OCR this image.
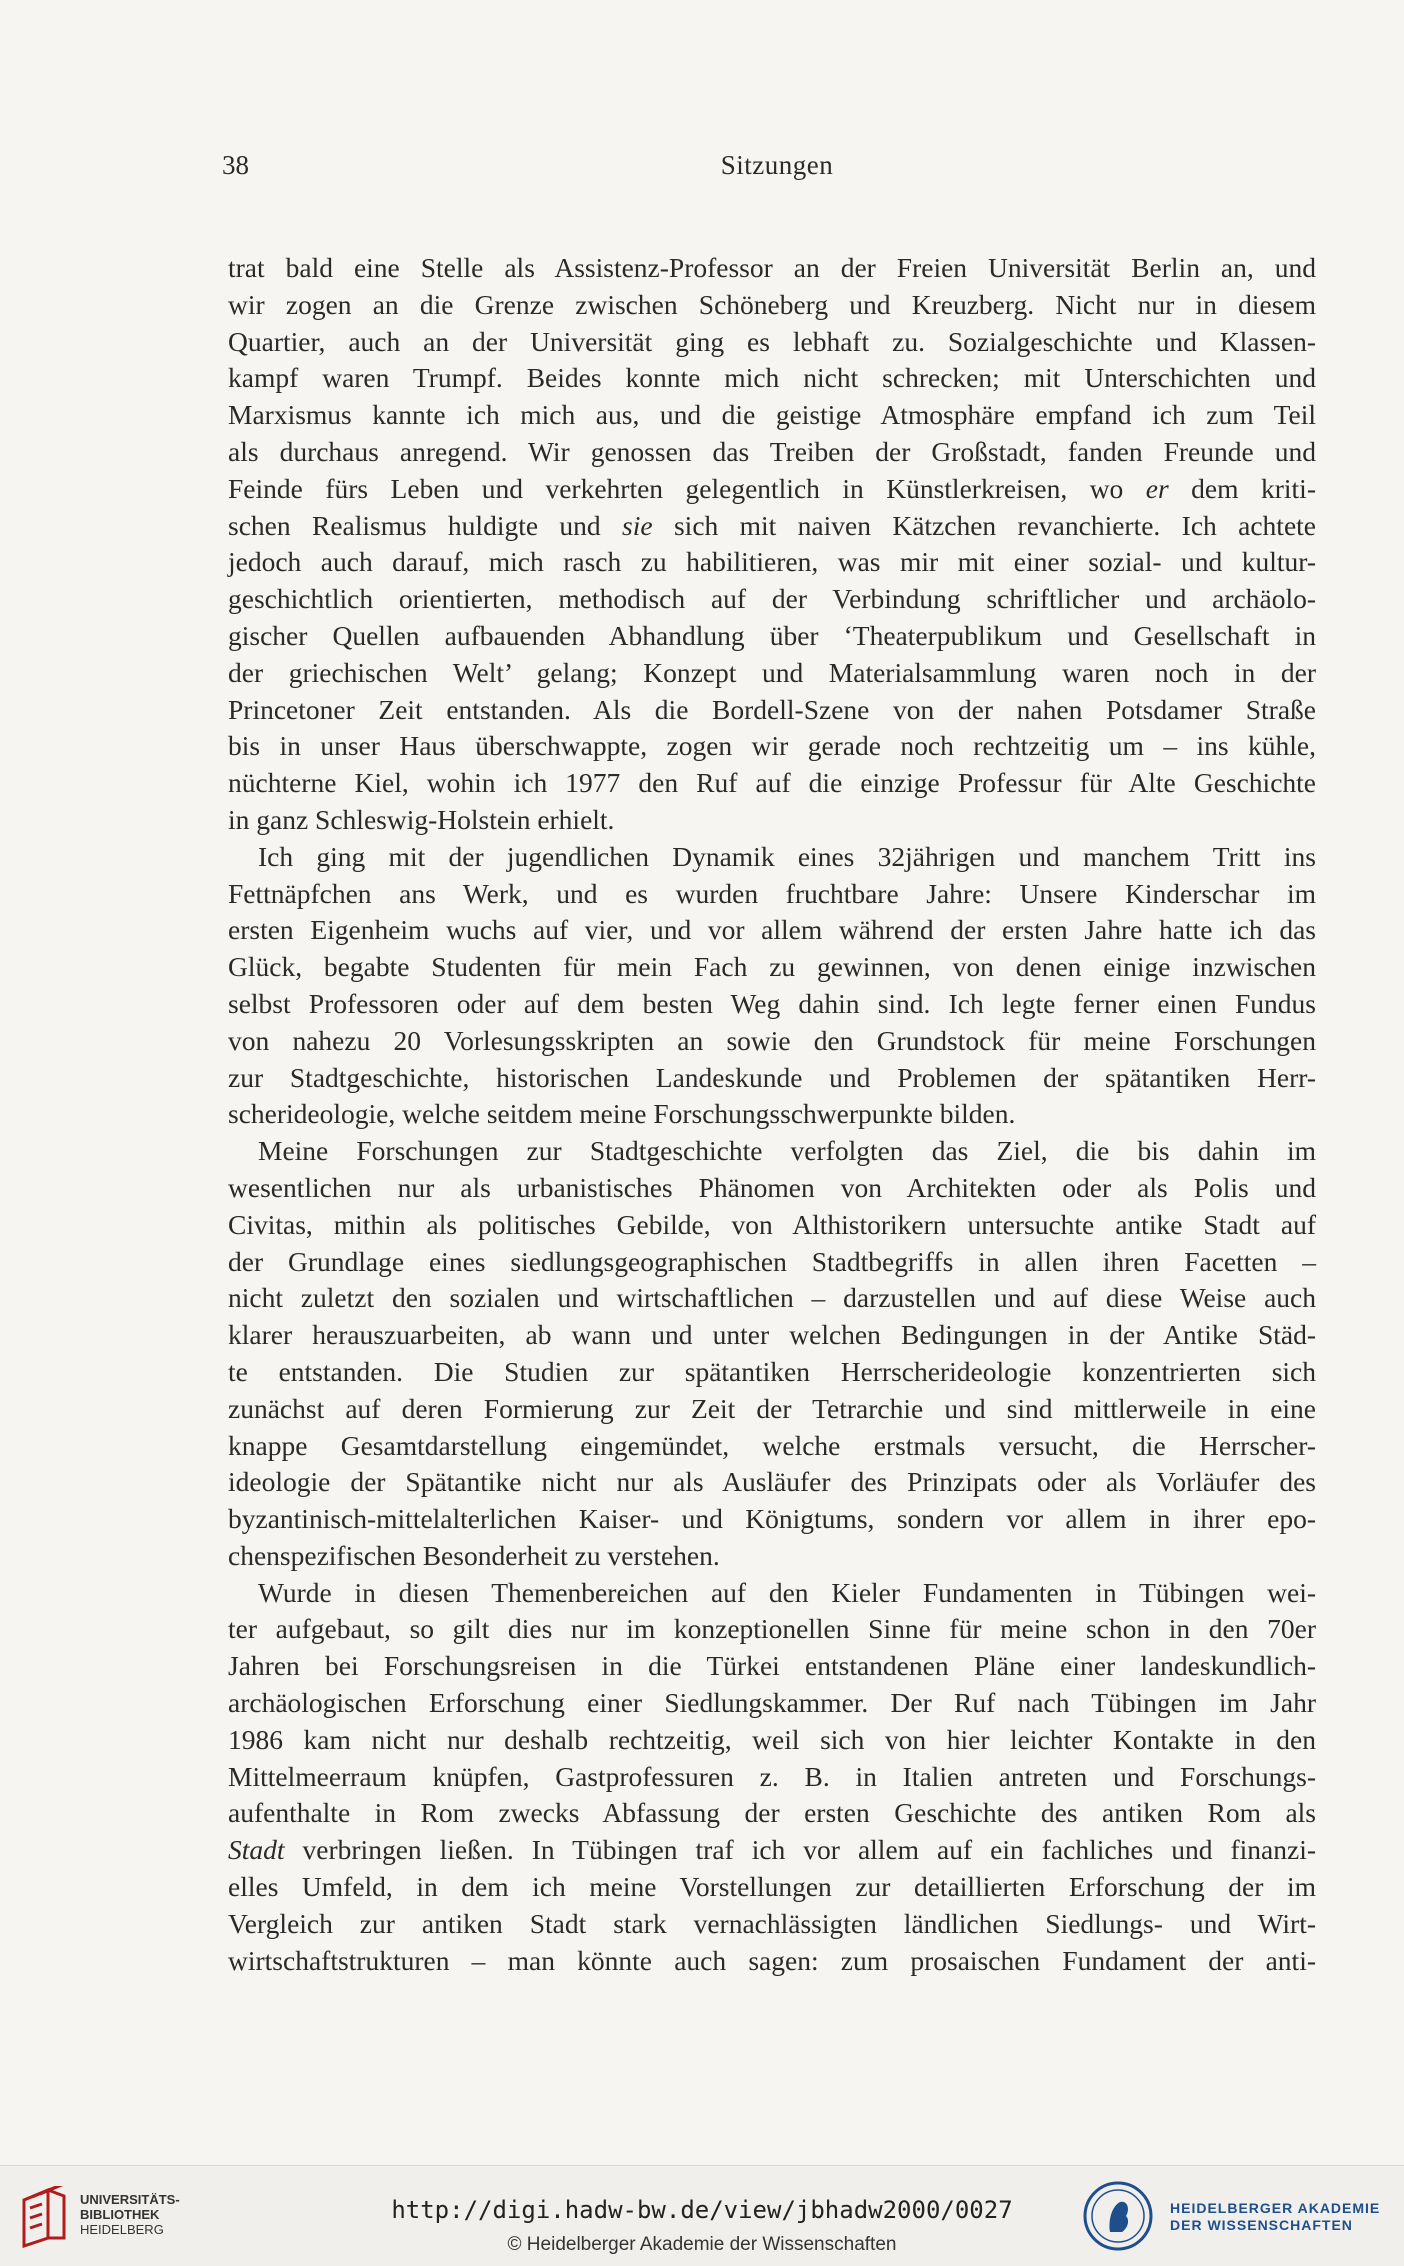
38	Sitzungen
trat bald eine Stelle als Assistenz-Professor an der Freien Universität Berlin an, und
wir zogen an die Grenze zwischen Schöneberg und Kreuzberg. Nicht nur in diesem
Quartier, auch an der Universität ging es lebhaft zu. Sozialgeschichte und Klassen-
kampf waren Trumpf. Beides konnte mich nicht schrecken; mit Unterschichten und
Marxismus kannte ich mich aus, und die geistige Atmosphäre empfand ich zum Teil
als durchaus anregend. Wir genossen das Treiben der Großstadt, fanden Freunde und
Feinde fürs Leben und verkehrten gelegentlich in Künstlerkreisen, wo er dem kriti-
schen Realismus huldigte und sie sich mit naiven Kätzchen revanchierte. Ich achtete
jedoch auch darauf, mich rasch zu habilitieren, was mir mit einer sozial- und kultur-
geschichtlich orientierten, methodisch auf der Verbindung schriftlicher und archäolo-
gischer Quellen aufbauenden Abhandlung über ‘Theaterpublikum und Gesellschaft in
der griechischen Welt’ gelang; Konzept und Materialsammlung waren noch in der
Princetoner Zeit entstanden. Als die Bordell-Szene von der nahen Potsdamer Straße
bis in unser Haus überschwappte, zogen wir gerade noch rechtzeitig um – ins kühle,
nüchterne Kiel, wohin ich 1977 den Ruf auf die einzige Professur für Alte Geschichte
in ganz Schleswig-Holstein erhielt.
Ich ging mit der jugendlichen Dynamik eines 32jährigen und manchem Tritt ins
Fettnäpfchen ans Werk, und es wurden fruchtbare Jahre: Unsere Kinderschar im
ersten Eigenheim wuchs auf vier, und vor allem während der ersten Jahre hatte ich das
Glück, begabte Studenten für mein Fach zu gewinnen, von denen einige inzwischen
selbst Professoren oder auf dem besten Weg dahin sind. Ich legte ferner einen Fundus
von nahezu 20 Vorlesungsskripten an sowie den Grundstock für meine Forschungen
zur Stadtgeschichte, historischen Landeskunde und Problemen der spätantiken Herr-
scherideologie, welche seitdem meine Forschungsschwerpunkte bilden.
Meine Forschungen zur Stadtgeschichte verfolgten das Ziel, die bis dahin im
wesentlichen nur als urbanistisches Phänomen von Architekten oder als Polis und
Civitas, mithin als politisches Gebilde, von Althistorikern untersuchte antike Stadt auf
der Grundlage eines siedlungsgeographischen Stadtbegriffs in allen ihren Facetten –
nicht zuletzt den sozialen und wirtschaftlichen – darzustellen und auf diese Weise auch
klarer herauszuarbeiten, ab wann und unter welchen Bedingungen in der Antike Städ-
te entstanden. Die Studien zur spätantiken Herrscherideologie konzentrierten sich
zunächst auf deren Formierung zur Zeit der Tetrarchie und sind mittlerweile in eine
knappe Gesamtdarstellung eingemündet, welche erstmals versucht, die Herrscher-
ideologie der Spätantike nicht nur als Ausläufer des Prinzipats oder als Vorläufer des
byzantinisch-mittelalterlichen Kaiser- und Königtums, sondern vor allem in ihrer epo-
chenspezifischen Besonderheit zu verstehen.
Wurde in diesen Themenbereichen auf den Kieler Fundamenten in Tübingen wei-
ter aufgebaut, so gilt dies nur im konzeptionellen Sinne für meine schon in den 70er
Jahren bei Forschungsreisen in die Türkei entstandenen Pläne einer landeskundlich-
archäologischen Erforschung einer Siedlungskammer. Der Ruf nach Tübingen im Jahr
1986 kam nicht nur deshalb rechtzeitig, weil sich von hier leichter Kontakte in den
Mittelmeerraum knüpfen, Gastprofessuren z. B. in Italien antreten und Forschungs-
aufenthalte in Rom zwecks Abfassung der ersten Geschichte des antiken Rom als
Stadt verbringen ließen. In Tübingen traf ich vor allem auf ein fachliches und finanzi-
elles Umfeld, in dem ich meine Vorstellungen zur detaillierten Erforschung der im
Vergleich zur antiken Stadt stark vernachlässigten ländlichen Siedlungs- und Wirt-
wirtschaftstrukturen – man könnte auch sagen: zum prosaischen Fundament der anti-
UNIVERSITÄTS-
BIBLIOTHEK
HEIDELBERG
http://digi.hadw-bw.de/view/jbhadw2000/0027
© Heidelberger Akademie der Wissenschaften
HEIDELBERGER AKADEMIE
DER WISSENSCHAFTEN
